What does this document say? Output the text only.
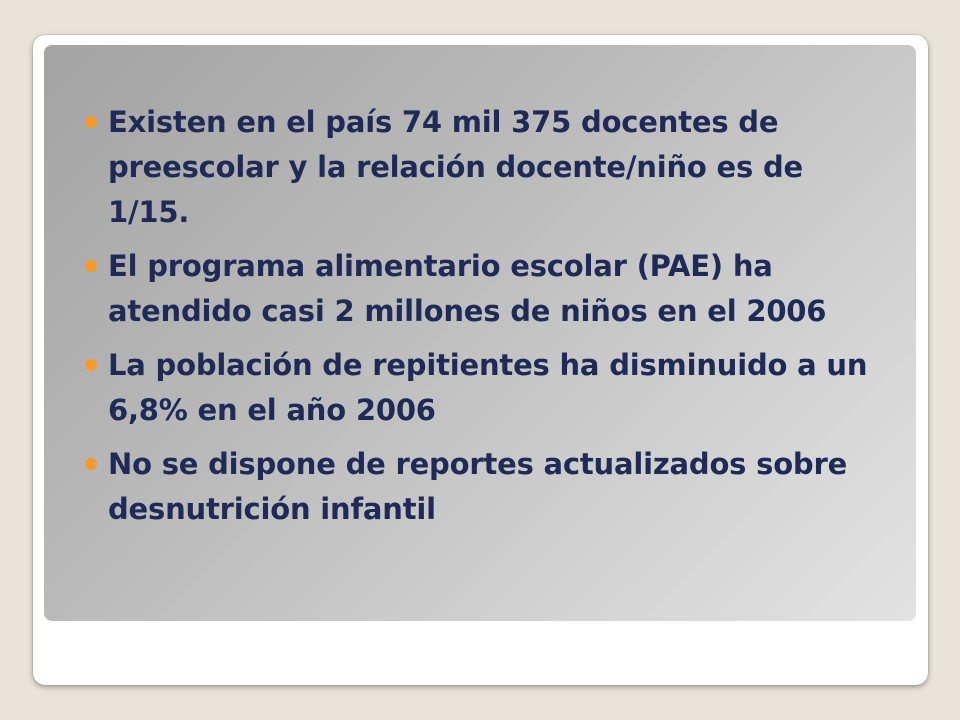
Existen en el país 74 mil 375 docentes de preescolar y la relación docente/niño es de 1/15.
El programa alimentario escolar (PAE) ha atendido casi 2 millones de niños en el 2006
La población de repitientes ha disminuido a un 6,8% en el año 2006
No se dispone de reportes actualizados sobre desnutrición infantil
